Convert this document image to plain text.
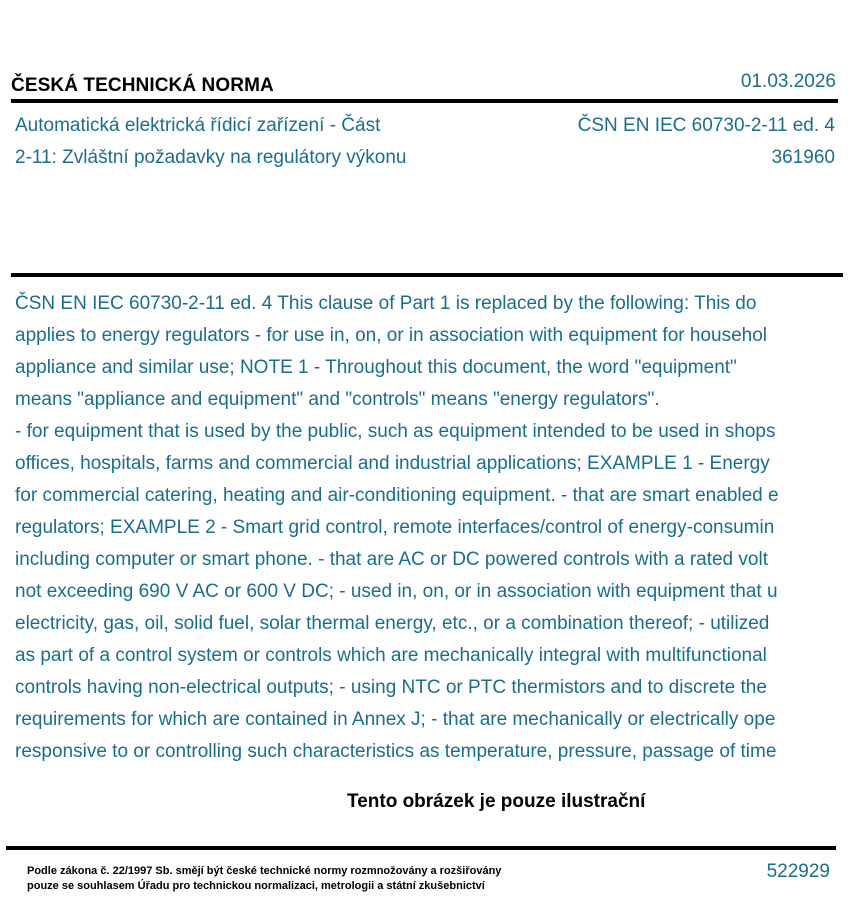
ČESKÁ TECHNICKÁ NORMA	01.03.2026
Automatická elektrická řídicí zařízení - Část
2-11: Zvláštní požadavky na regulátory výkonu
ČSN EN IEC 60730-2-11 ed. 4
361960
ČSN EN IEC 60730-2-11 ed. 4 This clause of Part 1 is replaced by the following: This do
applies to energy regulators - for use in, on, or in association with equipment for househol
appliance and similar use; NOTE 1 - Throughout this document, the word "equipment"
means "appliance and equipment" and "controls" means "energy regulators".
- for equipment that is used by the public, such as equipment intended to be used in shops
offices, hospitals, farms and commercial and industrial applications; EXAMPLE 1 - Energy
for commercial catering, heating and air-conditioning equipment. - that are smart enabled e
regulators; EXAMPLE 2 - Smart grid control, remote interfaces/control of energy-consumin
including computer or smart phone. - that are AC or DC powered controls with a rated volt
not exceeding 690 V AC or 600 V DC; - used in, on, or in association with equipment that u
electricity, gas, oil, solid fuel, solar thermal energy, etc., or a combination thereof; - utilized
as part of a control system or controls which are mechanically integral with multifunctional
controls having non-electrical outputs; - using NTC or PTC thermistors and to discrete the
requirements for which are contained in Annex J; - that are mechanically or electrically ope
responsive to or controlling such characteristics as temperature, pressure, passage of time
Tento obrázek je pouze ilustrační
Podle zákona č. 22/1997 Sb. smějí být české technické normy rozmnožovány a rozšiřovány
pouze se souhlasem Úřadu pro technickou normalizaci, metrologii a státní zkušebnictví
522929
